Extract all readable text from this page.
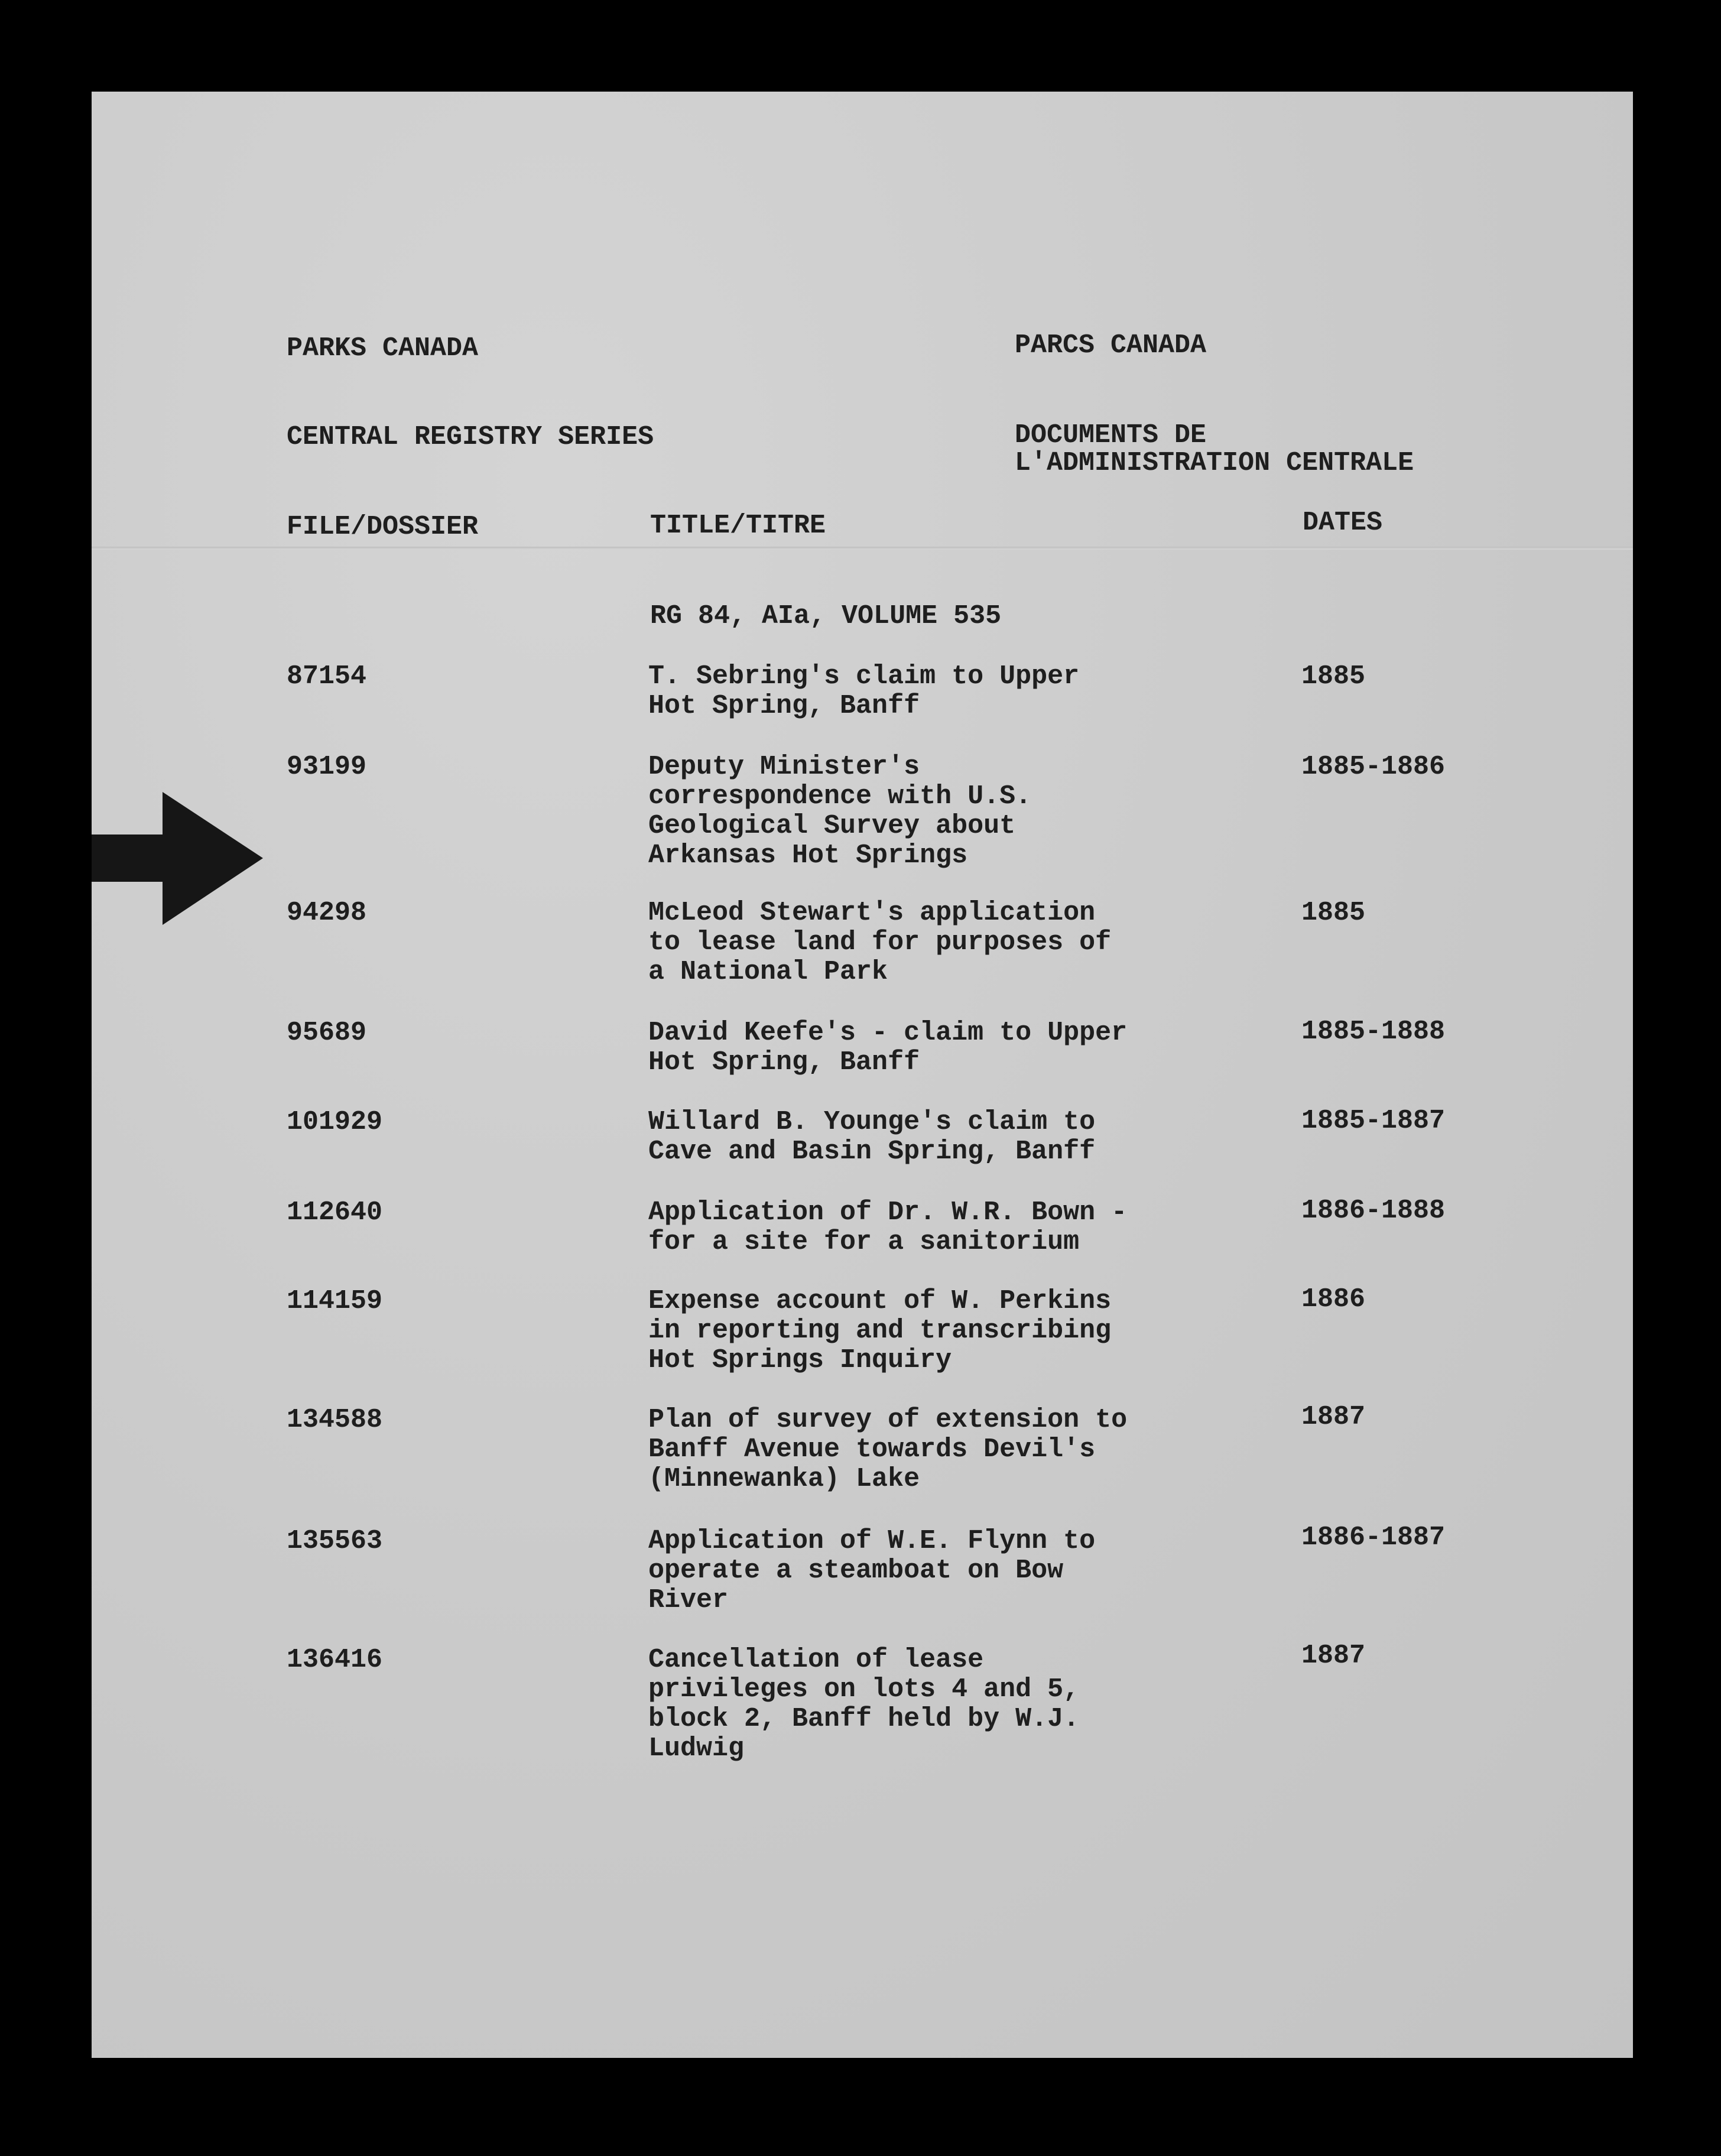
PARKS CANADA	PARCS CANADA
CENTRAL REGISTRY SERIES	DOCUMENTS DE
L'ADMINISTRATION CENTRALE
FILE/DOSSIER	TITLE/TITRE	DATES
RG 84, AIa, VOLUME 535
87154	T. Sebring's claim to Upper
Hot Spring, Banff
1885
93199	Deputy Minister's
correspondence with U.S.
Geological Survey about
Arkansas Hot Springs
1885-1886
94298	McLeod Stewart's application
to lease land for purposes of
a National Park
1885
95689	David Keefe's - claim to Upper
Hot Spring, Banff
1885-1888
101929	Willard B. Younge's claim to
Cave and Basin Spring, Banff
1885-1887
112640	Application of Dr. W.R. Bown -
for a site for a sanitorium
1886-1888
114159	Expense account of W. Perkins
in reporting and transcribing
Hot Springs Inquiry
1886
134588	Plan of survey of extension to
Banff Avenue towards Devil's
(Minnewanka) Lake
1887
135563	Application of W.E. Flynn to
operate a steamboat on Bow
River
1886-1887
136416	Cancellation of lease
privileges on lots 4 and 5,
block 2, Banff held by W.J.
Ludwig
1887
